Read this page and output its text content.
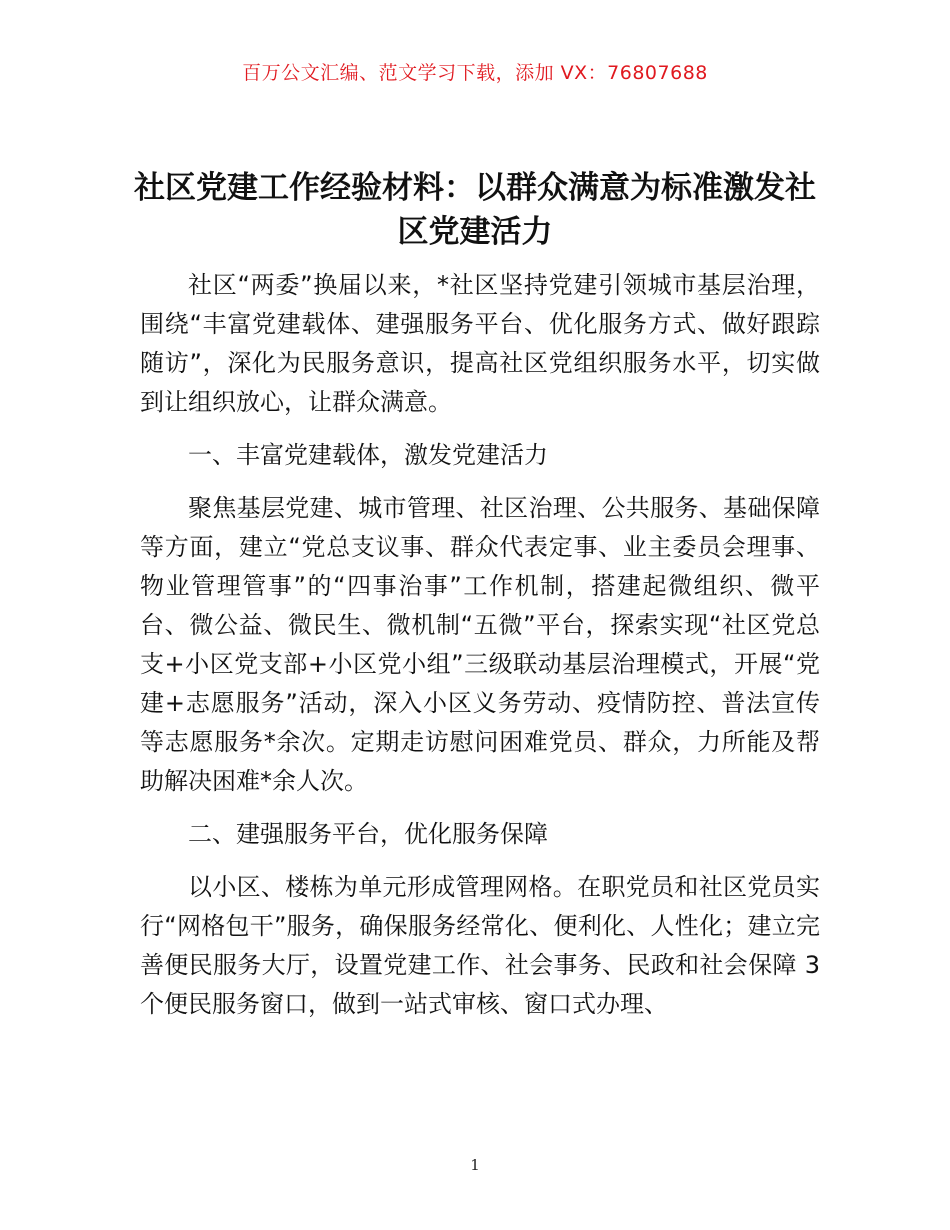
百万公文汇编、范文学习下载，添加 VX：76807688
社区党建工作经验材料：以群众满意为标准激发社区党建活力

社区“两委”换届以来，*社区坚持党建引领城市基层治理，围绕“丰富党建载体、建强服务平台、优化服务方式、做好跟踪随访”，深化为民服务意识，提高社区党组织服务水平，切实做到让组织放心，让群众满意。

一、丰富党建载体，激发党建活力

聚焦基层党建、城市管理、社区治理、公共服务、基础保障等方面，建立“党总支议事、群众代表定事、业主委员会理事、物业管理管事”的“四事治事”工作机制，搭建起微组织、微平台、微公益、微民生、微机制“五微”平台，探索实现“社区党总支+小区党支部+小区党小组”三级联动基层治理模式，开展“党建+志愿服务”活动，深入小区义务劳动、疫情防控、普法宣传等志愿服务*余次。定期走访慰问困难党员、群众，力所能及帮助解决困难*余人次。

二、建强服务平台，优化服务保障

以小区、楼栋为单元形成管理网格。在职党员和社区党员实行“网格包干”服务，确保服务经常化、便利化、人性化；建立完善便民服务大厅，设置党建工作、社会事务、民政和社会保障 3 个便民服务窗口，做到一站式审核、窗口式办理、

1
